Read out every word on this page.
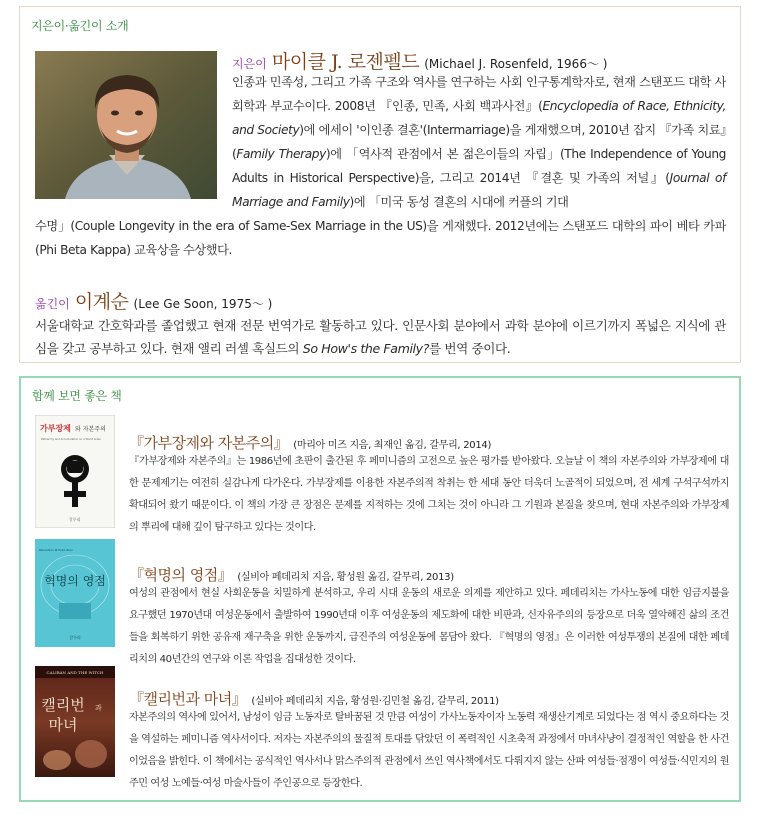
지은이·옮긴이 소개
지은이 마이클 J. 로젠펠드 (Michael J. Rosenfeld, 1966～ )

인종과 민족성, 그리고 가족 구조와 역사를 연구하는 사회 인구통계학자로, 현재 스탠포드 대학 사회학과 부교수이다. 2008년 『인종, 민족, 사회 백과사전』(Encyclopedia of Race, Ethnicity, and Society)에 에세이 '이인종 결혼'(Intermarriage)을 게재했으며, 2010년 잡지 『가족 치료』(Family Therapy)에 「역사적 관점에서 본 젊은이들의 자립」(The Independence of Young Adults in Historical Perspective)을, 그리고 2014년 『결혼 및 가족의 저널』(Journal of Marriage and Family)에 「미국 동성 결혼의 시대에 커플의 기대

수명」(Couple Longevity in the era of Same-Sex Marriage in the US)을 게재했다. 2012년에는 스탠포드 대학의 파이 베타 카파(Phi Beta Kappa) 교육상을 수상했다.

옮긴이 이계순 (Lee Ge Soon, 1975～ )

서울대학교 간호학과를 졸업했고 현재 전문 번역가로 활동하고 있다. 인문사회 분야에서 과학 분야에 이르기까지 폭넓은 지식에 관심을 갖고 공부하고 있다. 현재 앨리 러셀 혹실드의 So How's the Family?를 번역 중이다.

함께 보면 좋은 책
가부장제 와 자본주의
Patriarchy and Accumulation on a World Scale
갈무리
『가부장제와 자본주의』 (마리아 미즈 지음, 최재인 옮김, 갈무리, 2014)

『가부장제와 자본주의』는 1986년에 초판이 출간된 후 페미니즘의 고전으로 높은 평가를 받아왔다. 오늘날 이 책의 자본주의와 가부장제에 대한 문제제기는 여전히 실감나게 다가온다. 가부장제를 이용한 자본주의적 착취는 한 세대 동안 더욱더 노골적이 되었으며, 전 세계 구석구석까지 확대되어 왔기 때문이다. 이 책의 가장 큰 장점은 문제를 지적하는 것에 그치는 것이 아니라 그 기원과 본질을 찾으며, 현대 자본주의와 가부장제의 뿌리에 대해 깊이 탐구하고 있다는 것이다.

Revolution at Point Zero
혁명의 영점
갈무리
『혁명의 영점』 (실비아 페데리치 지음, 황성원 옮김, 갈무리, 2013)

여성의 관점에서 현실 사회운동을 치밀하게 분석하고, 우리 시대 운동의 새로운 의제를 제안하고 있다. 페데리치는 가사노동에 대한 임금지불을 요구했던 1970년대 여성운동에서 출발하여 1990년대 이후 여성운동의 제도화에 대한 비판과, 신자유주의의 등장으로 더욱 열악해진 삶의 조건들을 회복하기 위한 공유재 재구축을 위한 운동까지, 급진주의 여성운동에 몸담아 왔다. 『혁명의 영점』은 이러한 여성투쟁의 본질에 대한 페데리치의 40년간의 연구와 이론 작업을 집대성한 것이다.

CALIBAN AND THE WITCH
캘리번 과
마녀
『캘리번과 마녀』 (실비아 페데리치 지음, 황성원·김민철 옮김, 갈무리, 2011)

자본주의의 역사에 있어서, 남성이 임금 노동자로 탈바꿈된 것 만큼 여성이 가사노동자이자 노동력 재생산기계로 되었다는 점 역시 중요하다는 것을 역설하는 페미니즘 역사서이다. 저자는 자본주의의 물질적 토대를 닦았던 이 폭력적인 시초축적 과정에서 마녀사냥이 결정적인 역할을 한 사건이었음을 밝힌다. 이 책에서는 공식적인 역사서나 맑스주의적 관점에서 쓰인 역사책에서도 다뤄지지 않는 산파 여성들·점쟁이 여성들·식민지의 원주민 여성 노예들·여성 마술사들이 주인공으로 등장한다.
